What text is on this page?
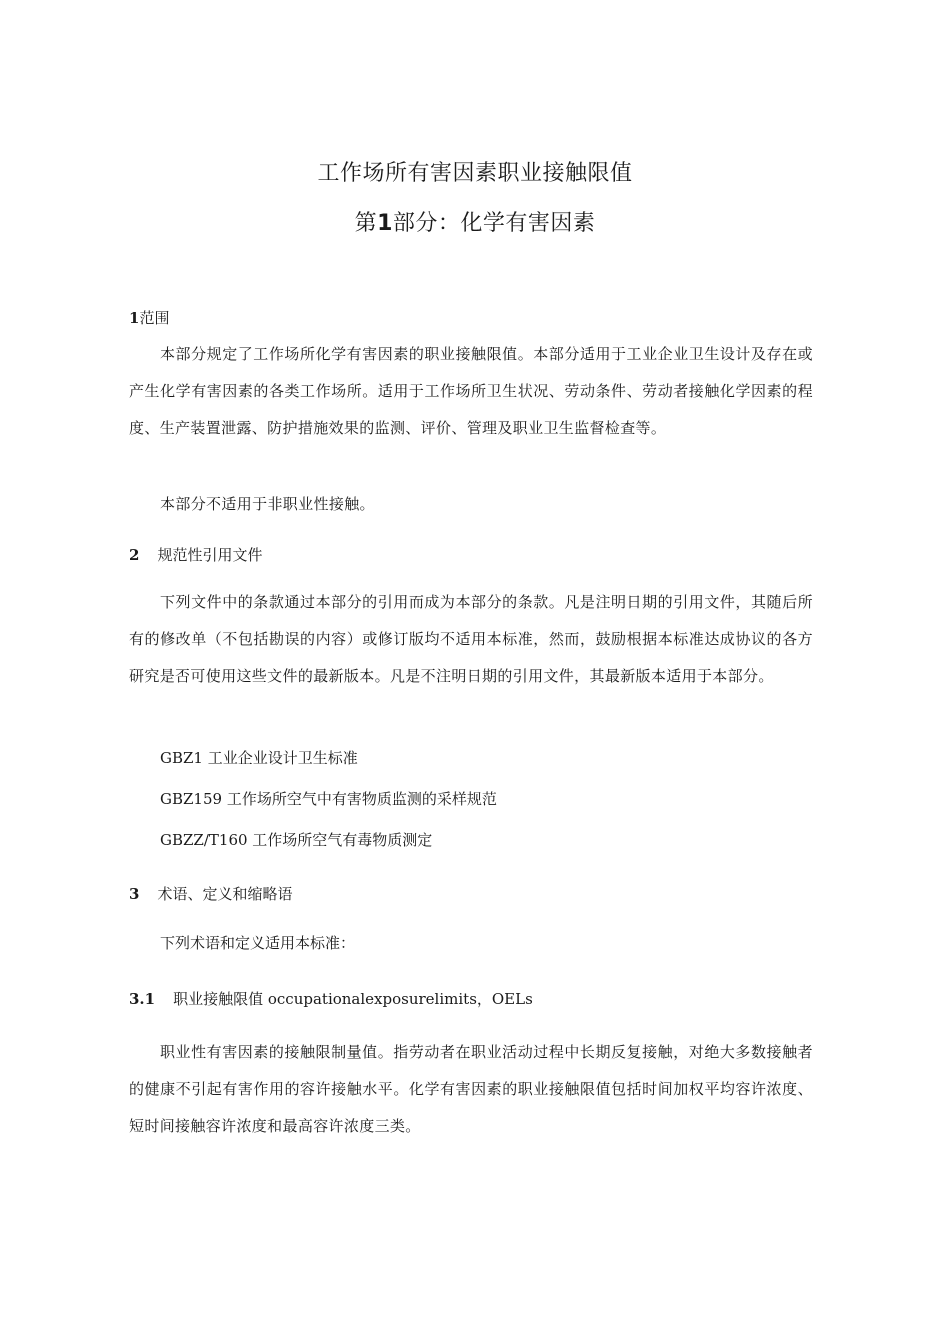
工作场所有害因素职业接触限值
第1部分：化学有害因素
1范围
本部分规定了工作场所化学有害因素的职业接触限值。本部分适用于工业企业卫生设计及存在或产生化学有害因素的各类工作场所。适用于工作场所卫生状况、劳动条件、劳动者接触化学因素的程度、生产装置泄露、防护措施效果的监测、评价、管理及职业卫生监督检查等。
本部分不适用于非职业性接触。
2 规范性引用文件
下列文件中的条款通过本部分的引用而成为本部分的条款。凡是注明日期的引用文件，其随后所有的修改单（不包括勘误的内容）或修订版均不适用本标准，然而，鼓励根据本标准达成协议的各方研究是否可使用这些文件的最新版本。凡是不注明日期的引用文件，其最新版本适用于本部分。
GBZ1 工业企业设计卫生标准
GBZ159 工作场所空气中有害物质监测的采样规范
GBZZ/T160 工作场所空气有毒物质测定
3 术语、定义和缩略语
下列术语和定义适用本标准：
3.1 职业接触限值 occupationalexposurelimits，OELs
职业性有害因素的接触限制量值。指劳动者在职业活动过程中长期反复接触，对绝大多数接触者的健康不引起有害作用的容许接触水平。化学有害因素的职业接触限值包括时间加权平均容许浓度、短时间接触容许浓度和最高容许浓度三类。
